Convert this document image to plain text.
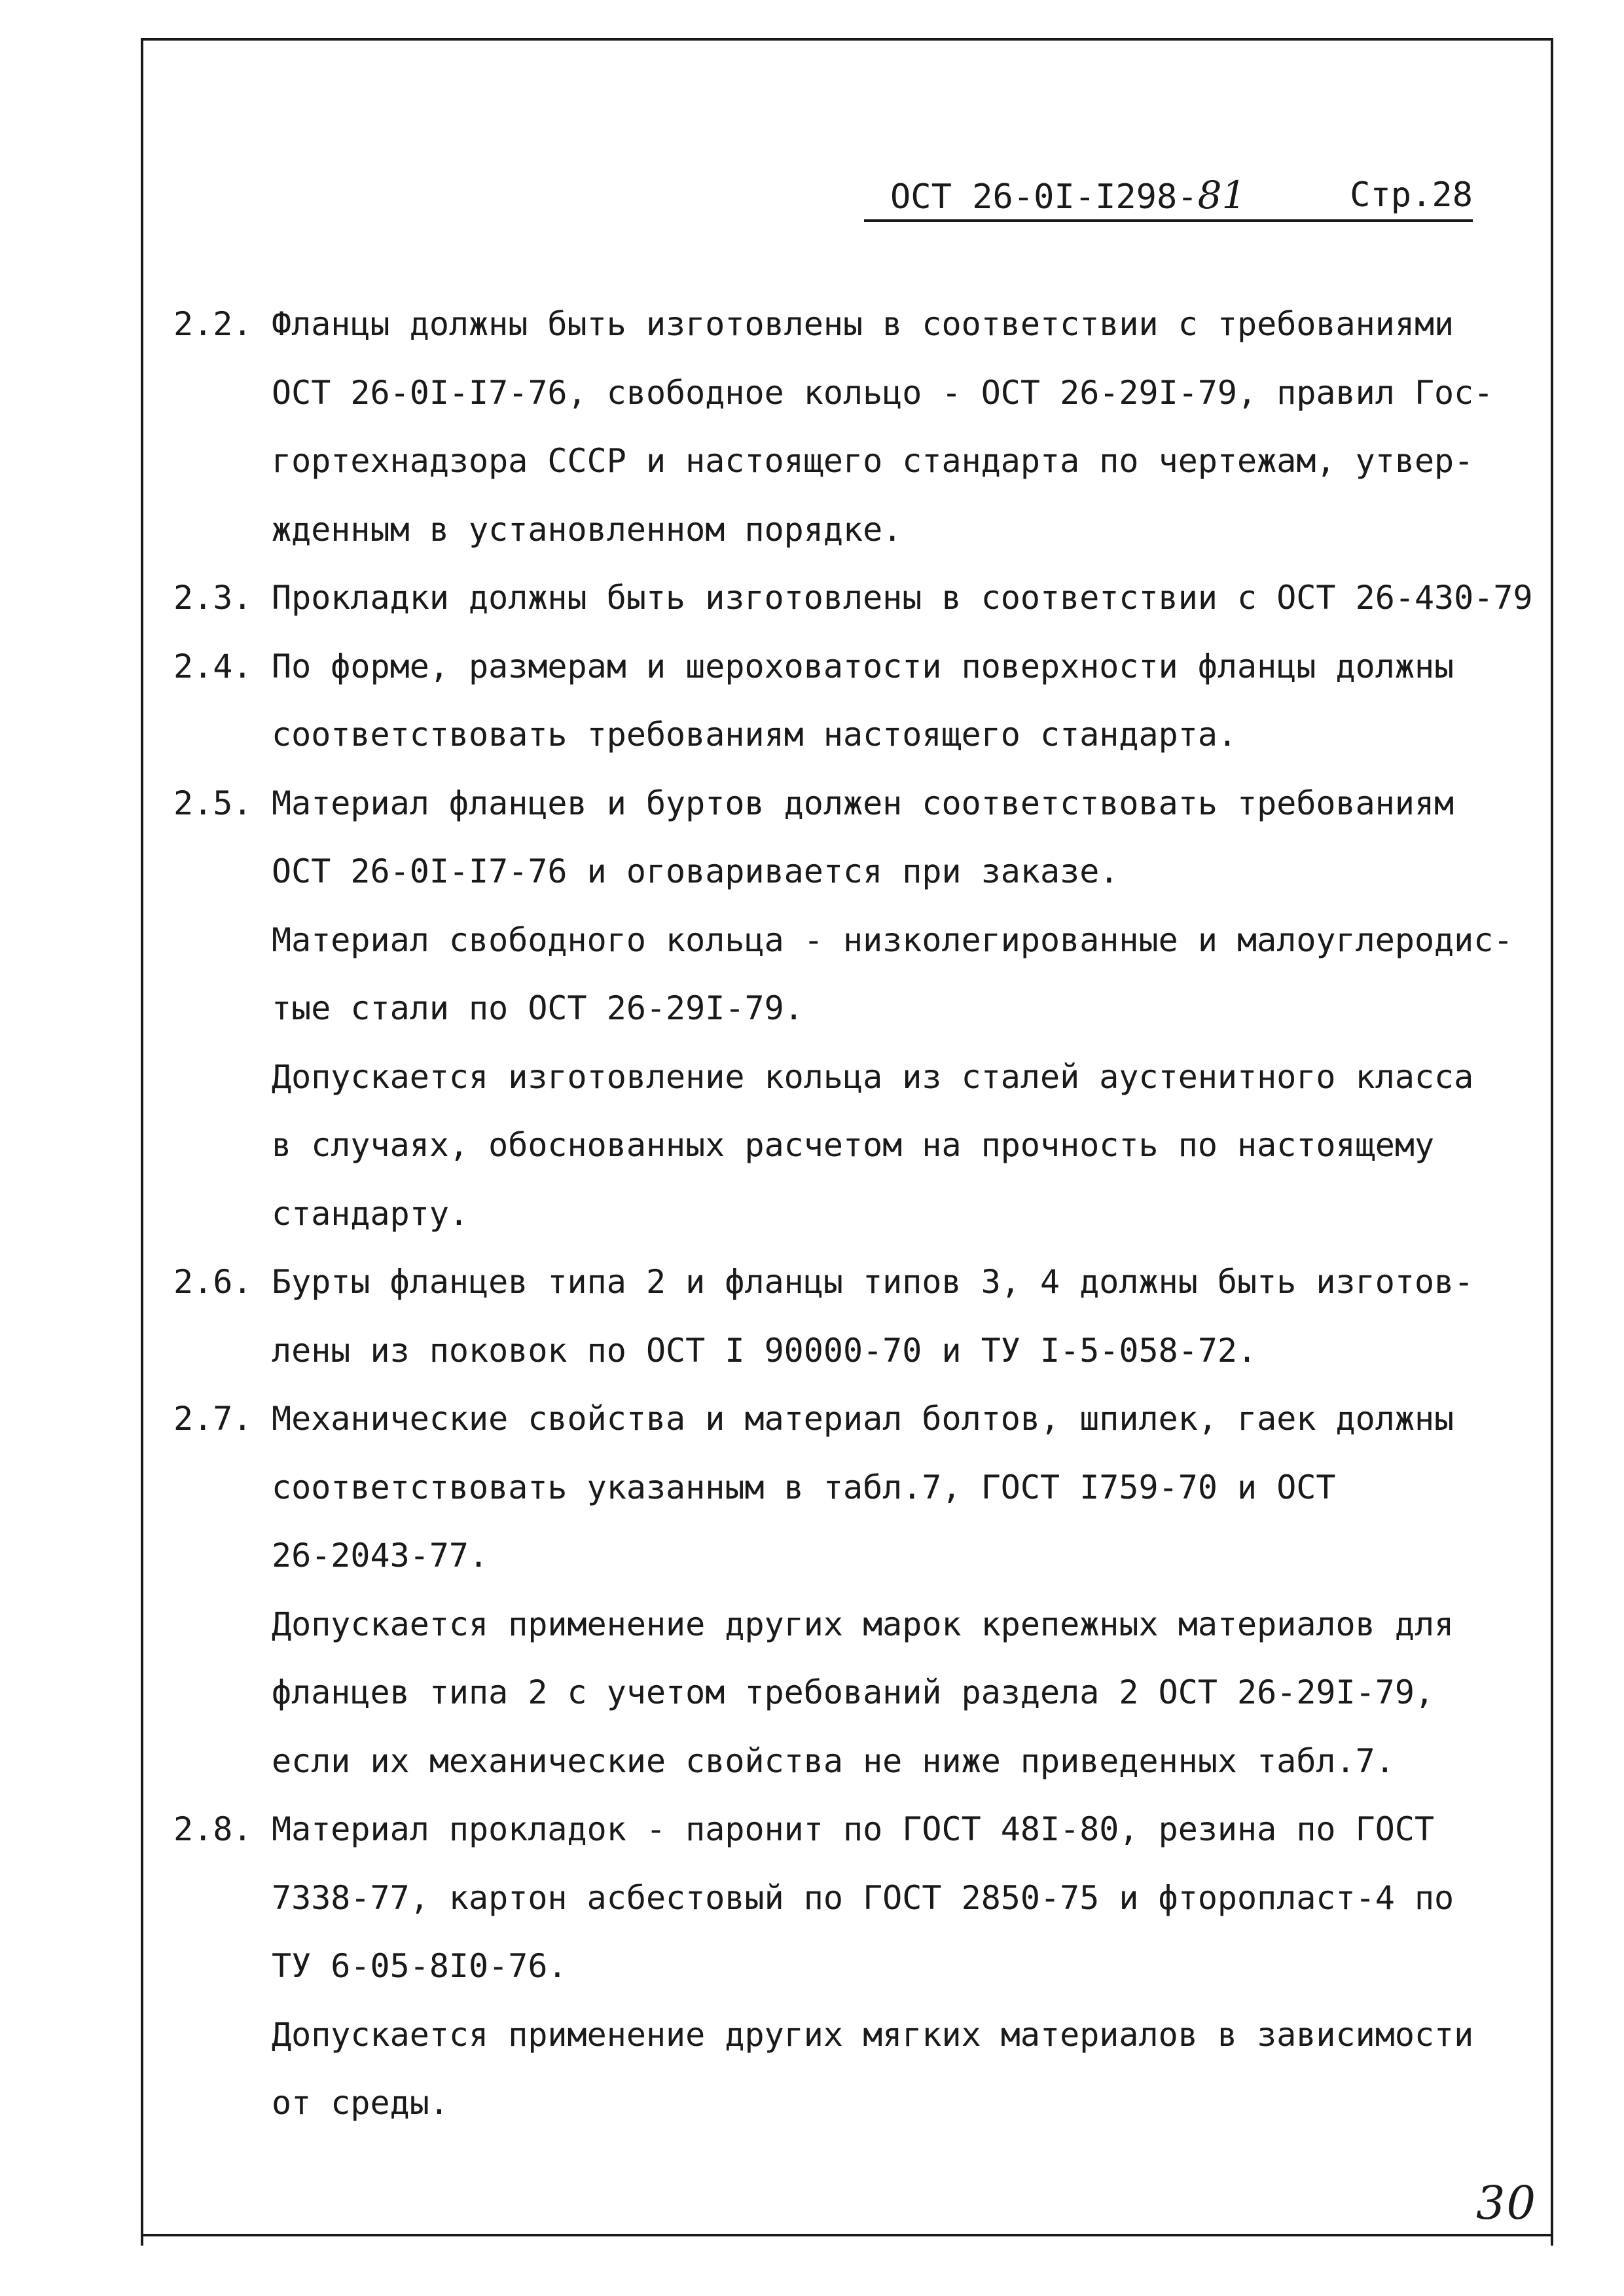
ОСТ 26-0I-I298-81	Стр.28
2.2. Фланцы должны быть изготовлены в соответствии с требованиями
ОСТ 26-0I-I7-76, свободное кольцо - ОСТ 26-29I-79, правил Гос-
гортехнадзора СССР и настоящего стандарта по чертежам, утвер-
жденным в установленном порядке.
2.3. Прокладки должны быть изготовлены в соответствии с ОСТ 26-430-79
2.4. По форме, размерам и шероховатости поверхности фланцы должны
соответствовать требованиям настоящего стандарта.
2.5. Материал фланцев и буртов должен соответствовать требованиям
ОСТ 26-0I-I7-76 и оговаривается при заказе.
Материал свободного кольца - низколегированные и малоуглеродис-
тые стали по ОСТ 26-29I-79.
Допускается изготовление кольца из сталей аустенитного класса
в случаях, обоснованных расчетом на прочность по настоящему
стандарту.
2.6. Бурты фланцев типа 2 и фланцы типов 3, 4 должны быть изготов-
лены из поковок по ОСТ I 90000-70 и ТУ I-5-058-72.
2.7. Механические свойства и материал болтов, шпилек, гаек должны
соответствовать указанным в табл.7, ГОСТ I759-70 и ОСТ
26-2043-77.
Допускается применение других марок крепежных материалов для
фланцев типа 2 с учетом требований раздела 2 ОСТ 26-29I-79,
если их механические свойства не ниже приведенных табл.7.
2.8. Материал прокладок - паронит по ГОСТ 48I-80, резина по ГОСТ
7338-77, картон асбестовый по ГОСТ 2850-75 и фторопласт-4 по
ТУ 6-05-8I0-76.
Допускается применение других мягких материалов в зависимости
от среды.
30
